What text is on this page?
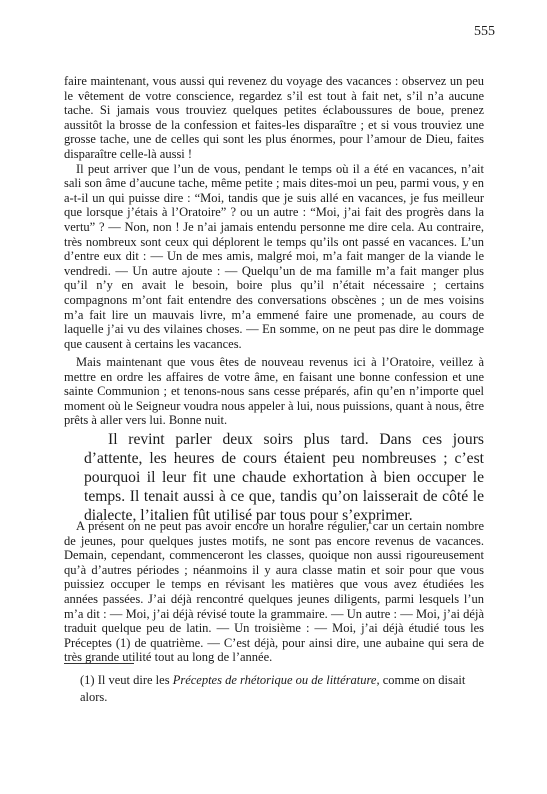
555

faire maintenant, vous aussi qui revenez du voyage des vacances : observez un peu le vêtement de votre conscience, regardez s’il est tout à fait net, s’il n’a aucune tache. Si jamais vous trouviez quelques petites éclaboussures de boue, prenez aussitôt la brosse de la confession et faites-les disparaître ; et si vous trouviez une grosse tache, une de celles qui sont les plus énormes, pour l’amour de Dieu, faites disparaître celle-là aussi !

Il peut arriver que l’un de vous, pendant le temps où il a été en vacances, n’ait sali son âme d’aucune tache, même petite ; mais dites-moi un peu, parmi vous, y en a-t-il un qui puisse dire : “Moi, tandis que je suis allé en vacances, je fus meilleur que lorsque j’étais à l’Oratoire” ? ou un autre : “Moi, j’ai fait des progrès dans la vertu” ? — Non, non ! Je n’ai jamais entendu personne me dire cela. Au contraire, très nombreux sont ceux qui déplorent le temps qu’ils ont passé en vacances. L’un d’entre eux dit : — Un de mes amis, malgré moi, m’a fait manger de la viande le vendredi. — Un autre ajoute : — Quelqu’un de ma famille m’a fait manger plus qu’il n’y en avait le besoin, boire plus qu’il n’était nécessaire ; certains compagnons m’ont fait entendre des conversations obscènes ; un de mes voisins m’a fait lire un mauvais livre, m’a emmené faire une promenade, au cours de laquelle j’ai vu des vilaines choses. — En somme, on ne peut pas dire le dommage que causent à certains les vacances.

Mais maintenant que vous êtes de nouveau revenus ici à l’Oratoire, veillez à mettre en ordre les affaires de votre âme, en faisant une bonne confession et une sainte Communion ; et tenons-nous sans cesse préparés, afin qu’en n’importe quel moment où le Seigneur voudra nous appeler à lui, nous puissions, quant à nous, être prêts à aller vers lui. Bonne nuit.

Il revint parler deux soirs plus tard. Dans ces jours d’attente, les heures de cours étaient peu nombreuses ; c’est pourquoi il leur fit une chaude exhortation à bien occuper le temps. Il tenait aussi à ce que, tandis qu’on laisserait de côté le dialecte, l’italien fût utilisé par tous pour s’exprimer.

A présent on ne peut pas avoir encore un horaire régulier, car un certain nombre de jeunes, pour quelques justes motifs, ne sont pas encore revenus de vacances. Demain, cependant, commenceront les classes, quoique non aussi rigoureusement qu’à d’autres périodes ; néanmoins il y aura classe matin et soir pour que vous puissiez occuper le temps en révisant les matières que vous avez étudiées les années passées. J’ai déjà rencontré quelques jeunes diligents, parmi lesquels l’un m’a dit : — Moi, j’ai déjà révisé toute la grammaire. — Un autre : — Moi, j’ai déjà traduit quelque peu de latin. — Un troisième : — Moi, j’ai déjà étudié tous les Préceptes (1) de quatrième. — C’est déjà, pour ainsi dire, une aubaine qui sera de très grande utilité tout au long de l’année.

(1) Il veut dire les Préceptes de rhétorique ou de littérature, comme on disait alors.
